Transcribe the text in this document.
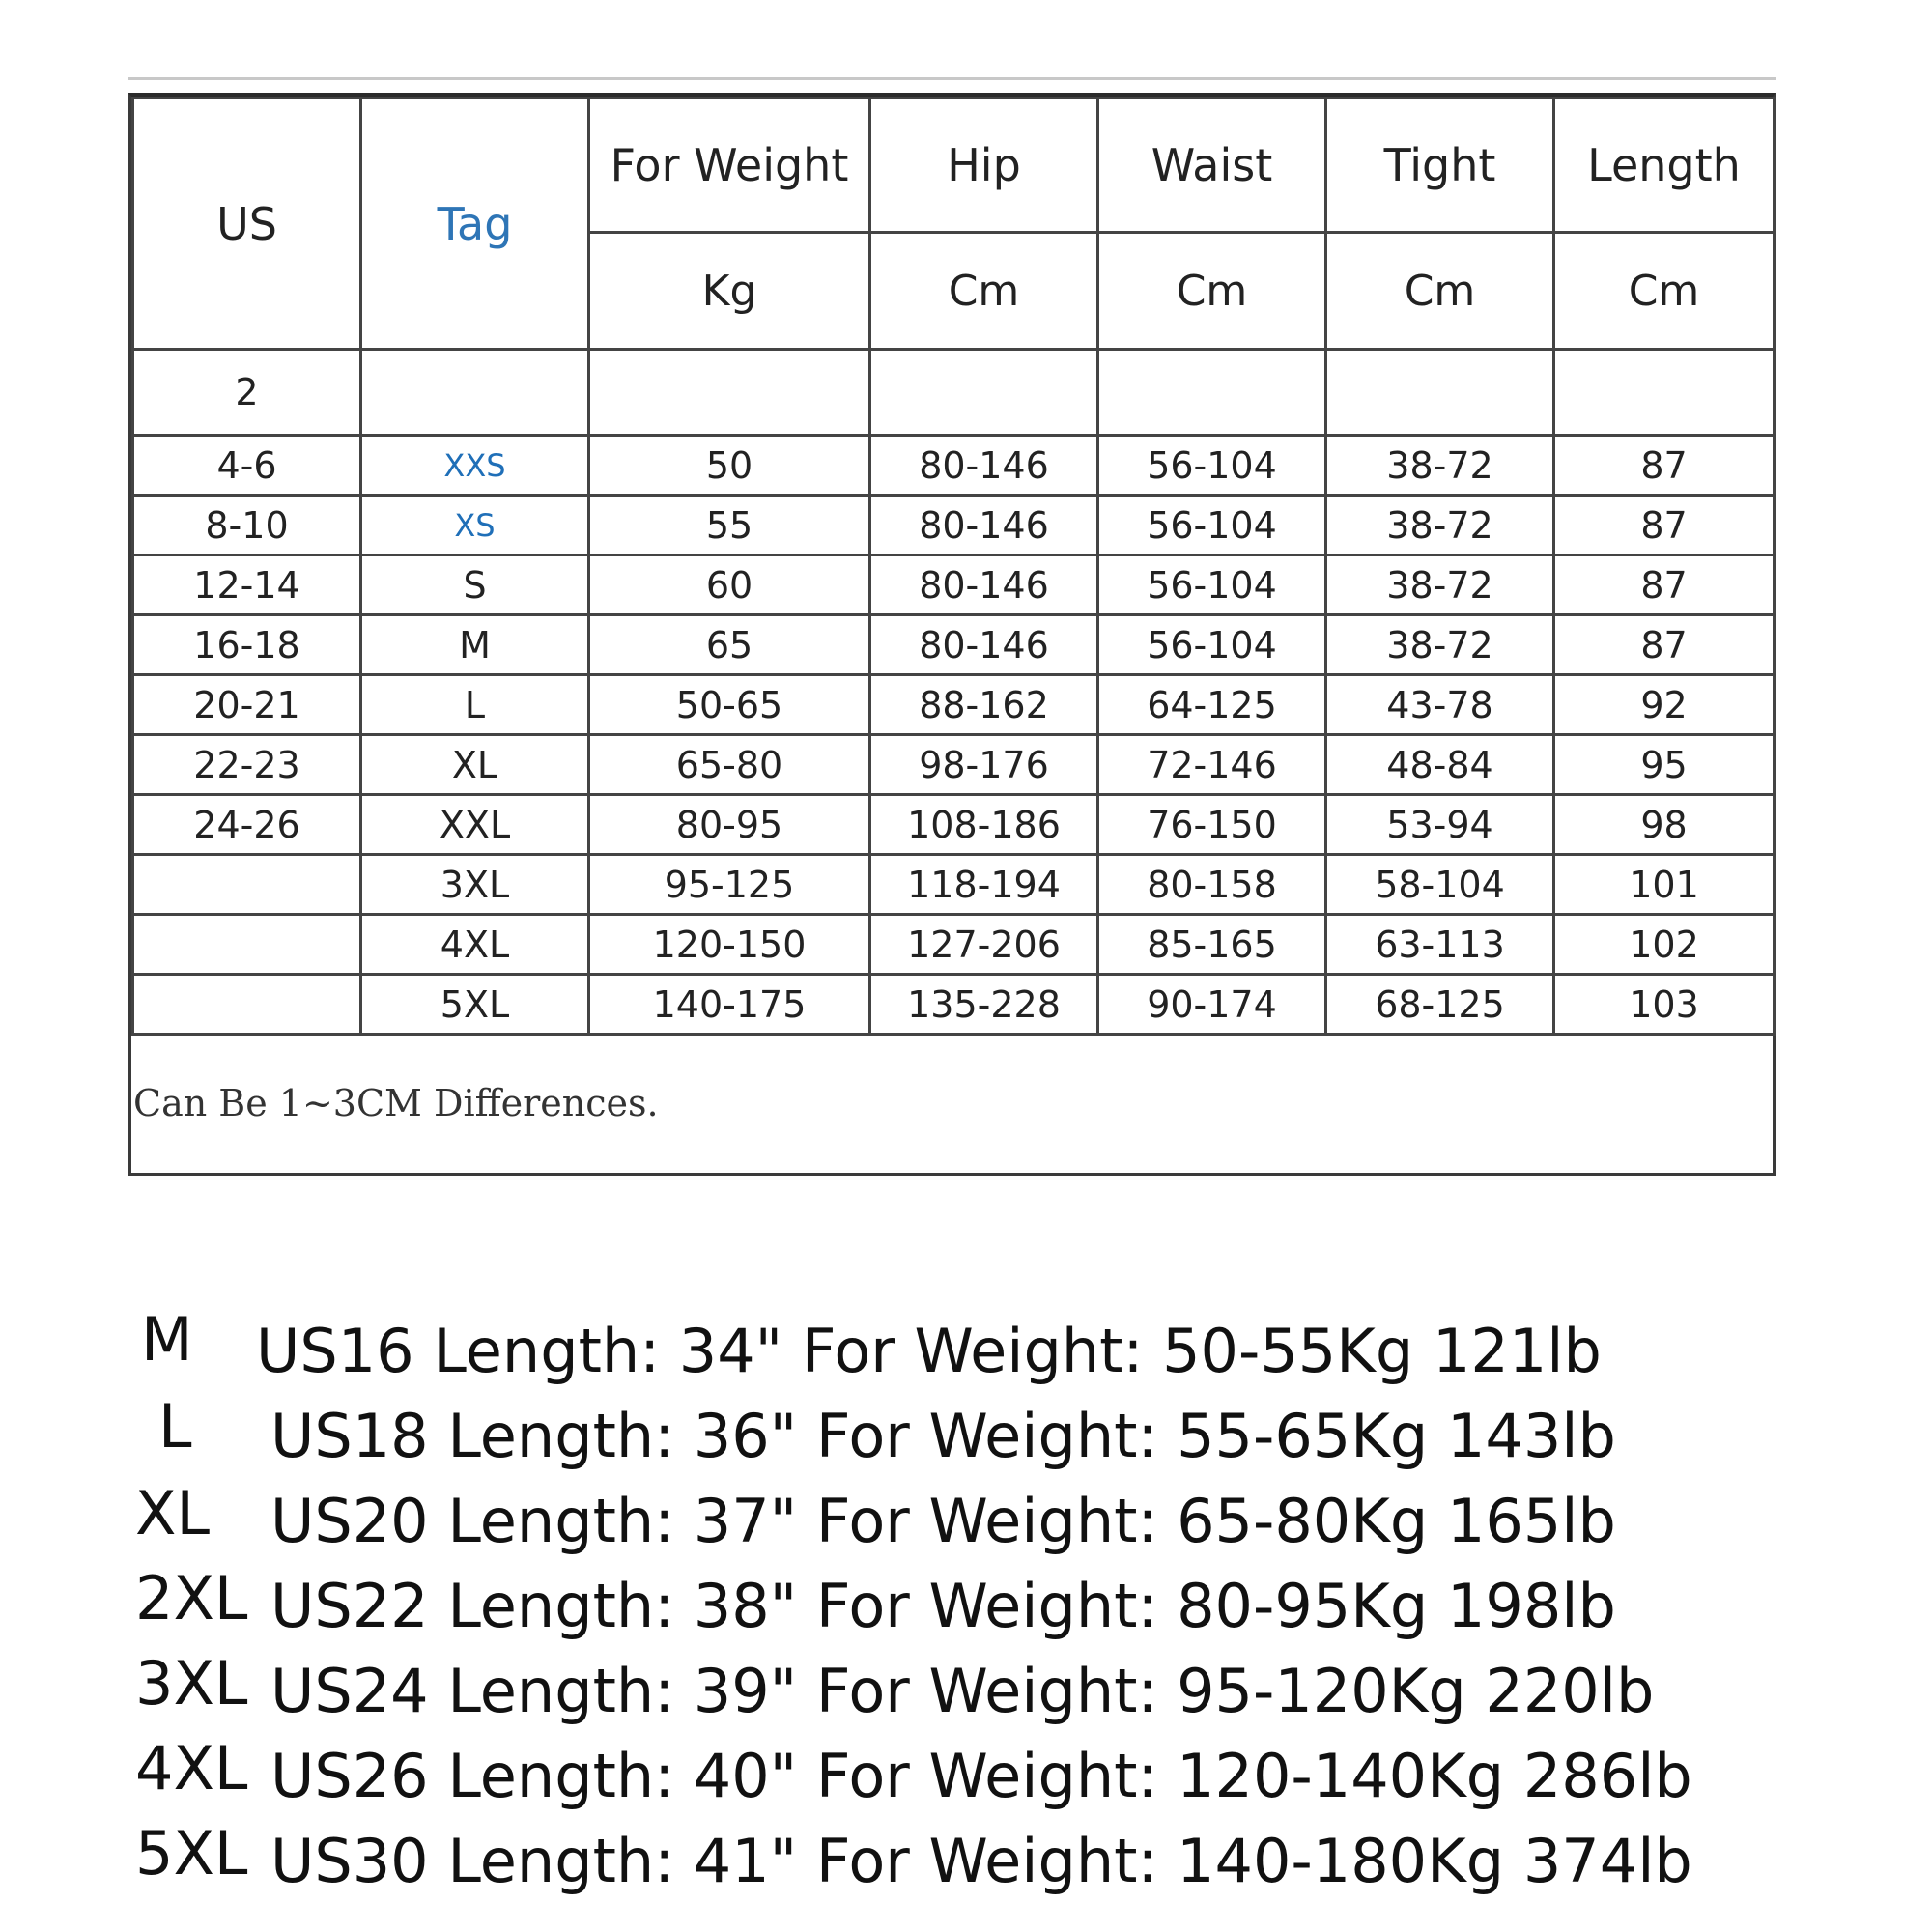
US	Tag	For Weight	Hip	Waist	Tight	Length
		Kg	Cm	Cm	Cm	Cm
2						
4-6	XXS	50	80-146	56-104	38-72	87
8-10	XS	55	80-146	56-104	38-72	87
12-14	S	60	80-146	56-104	38-72	87
16-18	M	65	80-146	56-104	38-72	87
20-21	L	50-65	88-162	64-125	43-78	92
22-23	XL	65-80	98-176	72-146	48-84	95
24-26	XXL	80-95	108-186	76-150	53-94	98
	3XL	95-125	118-194	80-158	58-104	101
	4XL	120-150	127-206	85-165	63-113	102
	5XL	140-175	135-228	90-174	68-125	103
Can Be 1~3CM Differences.
M US16 Length: 34" For Weight: 50-55Kg 121lb
L US18 Length: 36" For Weight: 55-65Kg 143lb
XL US20 Length: 37" For Weight: 65-80Kg 165lb
2XL US22 Length: 38" For Weight: 80-95Kg 198lb
3XL US24 Length: 39" For Weight: 95-120Kg 220lb
4XL US26 Length: 40" For Weight: 120-140Kg 286lb
5XL US30 Length: 41" For Weight: 140-180Kg 374lb
